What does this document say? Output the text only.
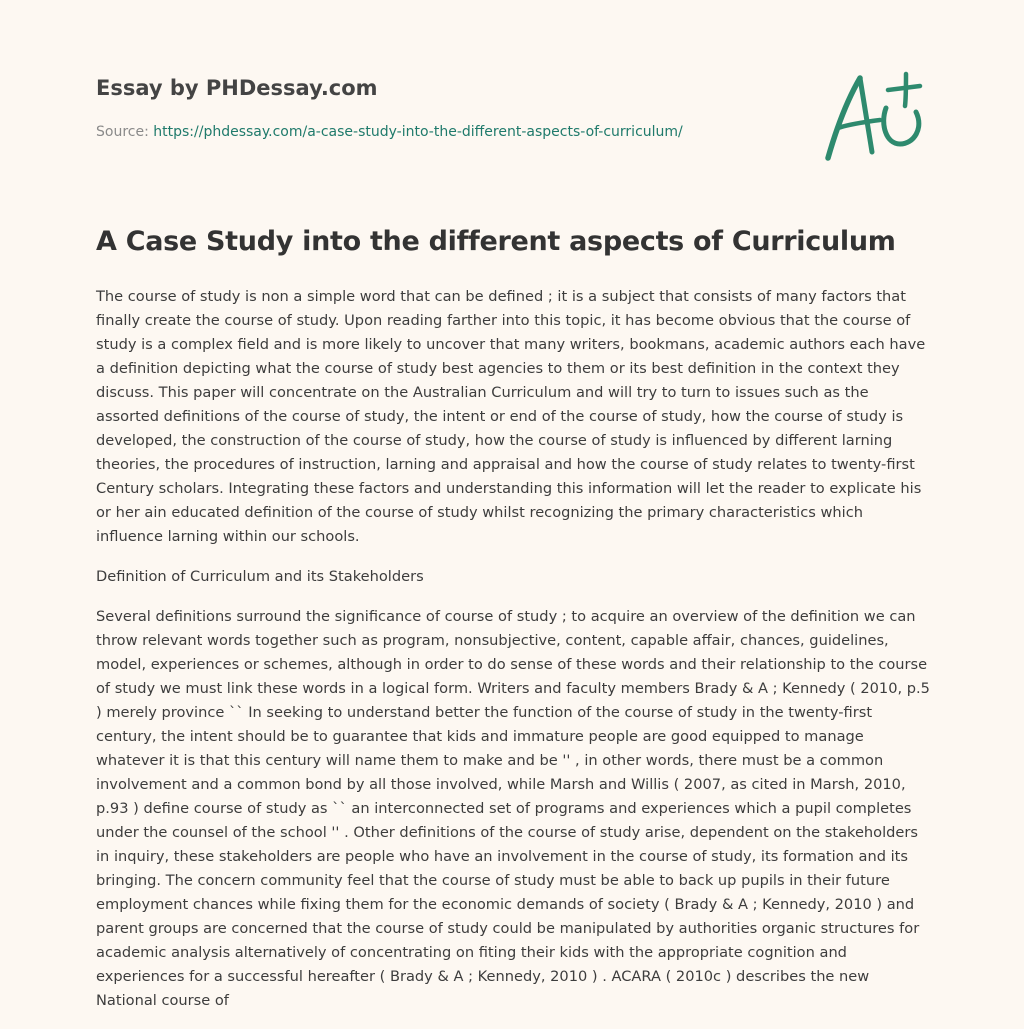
Essay by PHDessay.com

Source: https://phdessay.com/a-case-study-into-the-different-aspects-of-curriculum/

A Case Study into the different aspects of Curriculum

The course of study is non a simple word that can be defined ; it is a subject that consists of many factors that finally create the course of study. Upon reading farther into this topic, it has become obvious that the course of study is a complex field and is more likely to uncover that many writers, bookmans, academic authors each have a definition depicting what the course of study best agencies to them or its best definition in the context they discuss. This paper will concentrate on the Australian Curriculum and will try to turn to issues such as the assorted definitions of the course of study, the intent or end of the course of study, how the course of study is developed, the construction of the course of study, how the course of study is influenced by different larning theories, the procedures of instruction, larning and appraisal and how the course of study relates to twenty-first Century scholars. Integrating these factors and understanding this information will let the reader to explicate his or her ain educated definition of the course of study whilst recognizing the primary characteristics which influence larning within our schools.

Definition of Curriculum and its Stakeholders

Several definitions surround the significance of course of study ; to acquire an overview of the definition we can throw relevant words together such as program, nonsubjective, content, capable affair, chances, guidelines, model, experiences or schemes, although in order to do sense of these words and their relationship to the course of study we must link these words in a logical form. Writers and faculty members Brady & A ; Kennedy ( 2010, p.5 ) merely province `` In seeking to understand better the function of the course of study in the twenty-first century, the intent should be to guarantee that kids and immature people are good equipped to manage whatever it is that this century will name them to make and be '' , in other words, there must be a common involvement and a common bond by all those involved, while Marsh and Willis ( 2007, as cited in Marsh, 2010, p.93 ) define course of study as `` an interconnected set of programs and experiences which a pupil completes under the counsel of the school '' . Other definitions of the course of study arise, dependent on the stakeholders in inquiry, these stakeholders are people who have an involvement in the course of study, its formation and its bringing. The concern community feel that the course of study must be able to back up pupils in their future employment chances while fixing them for the economic demands of society ( Brady & A ; Kennedy, 2010 ) and parent groups are concerned that the course of study could be manipulated by authorities organic structures for academic analysis alternatively of concentrating on fiting their kids with the appropriate cognition and experiences for a successful hereafter ( Brady & A ; Kennedy, 2010 ) . ACARA ( 2010c ) describes the new National course of
